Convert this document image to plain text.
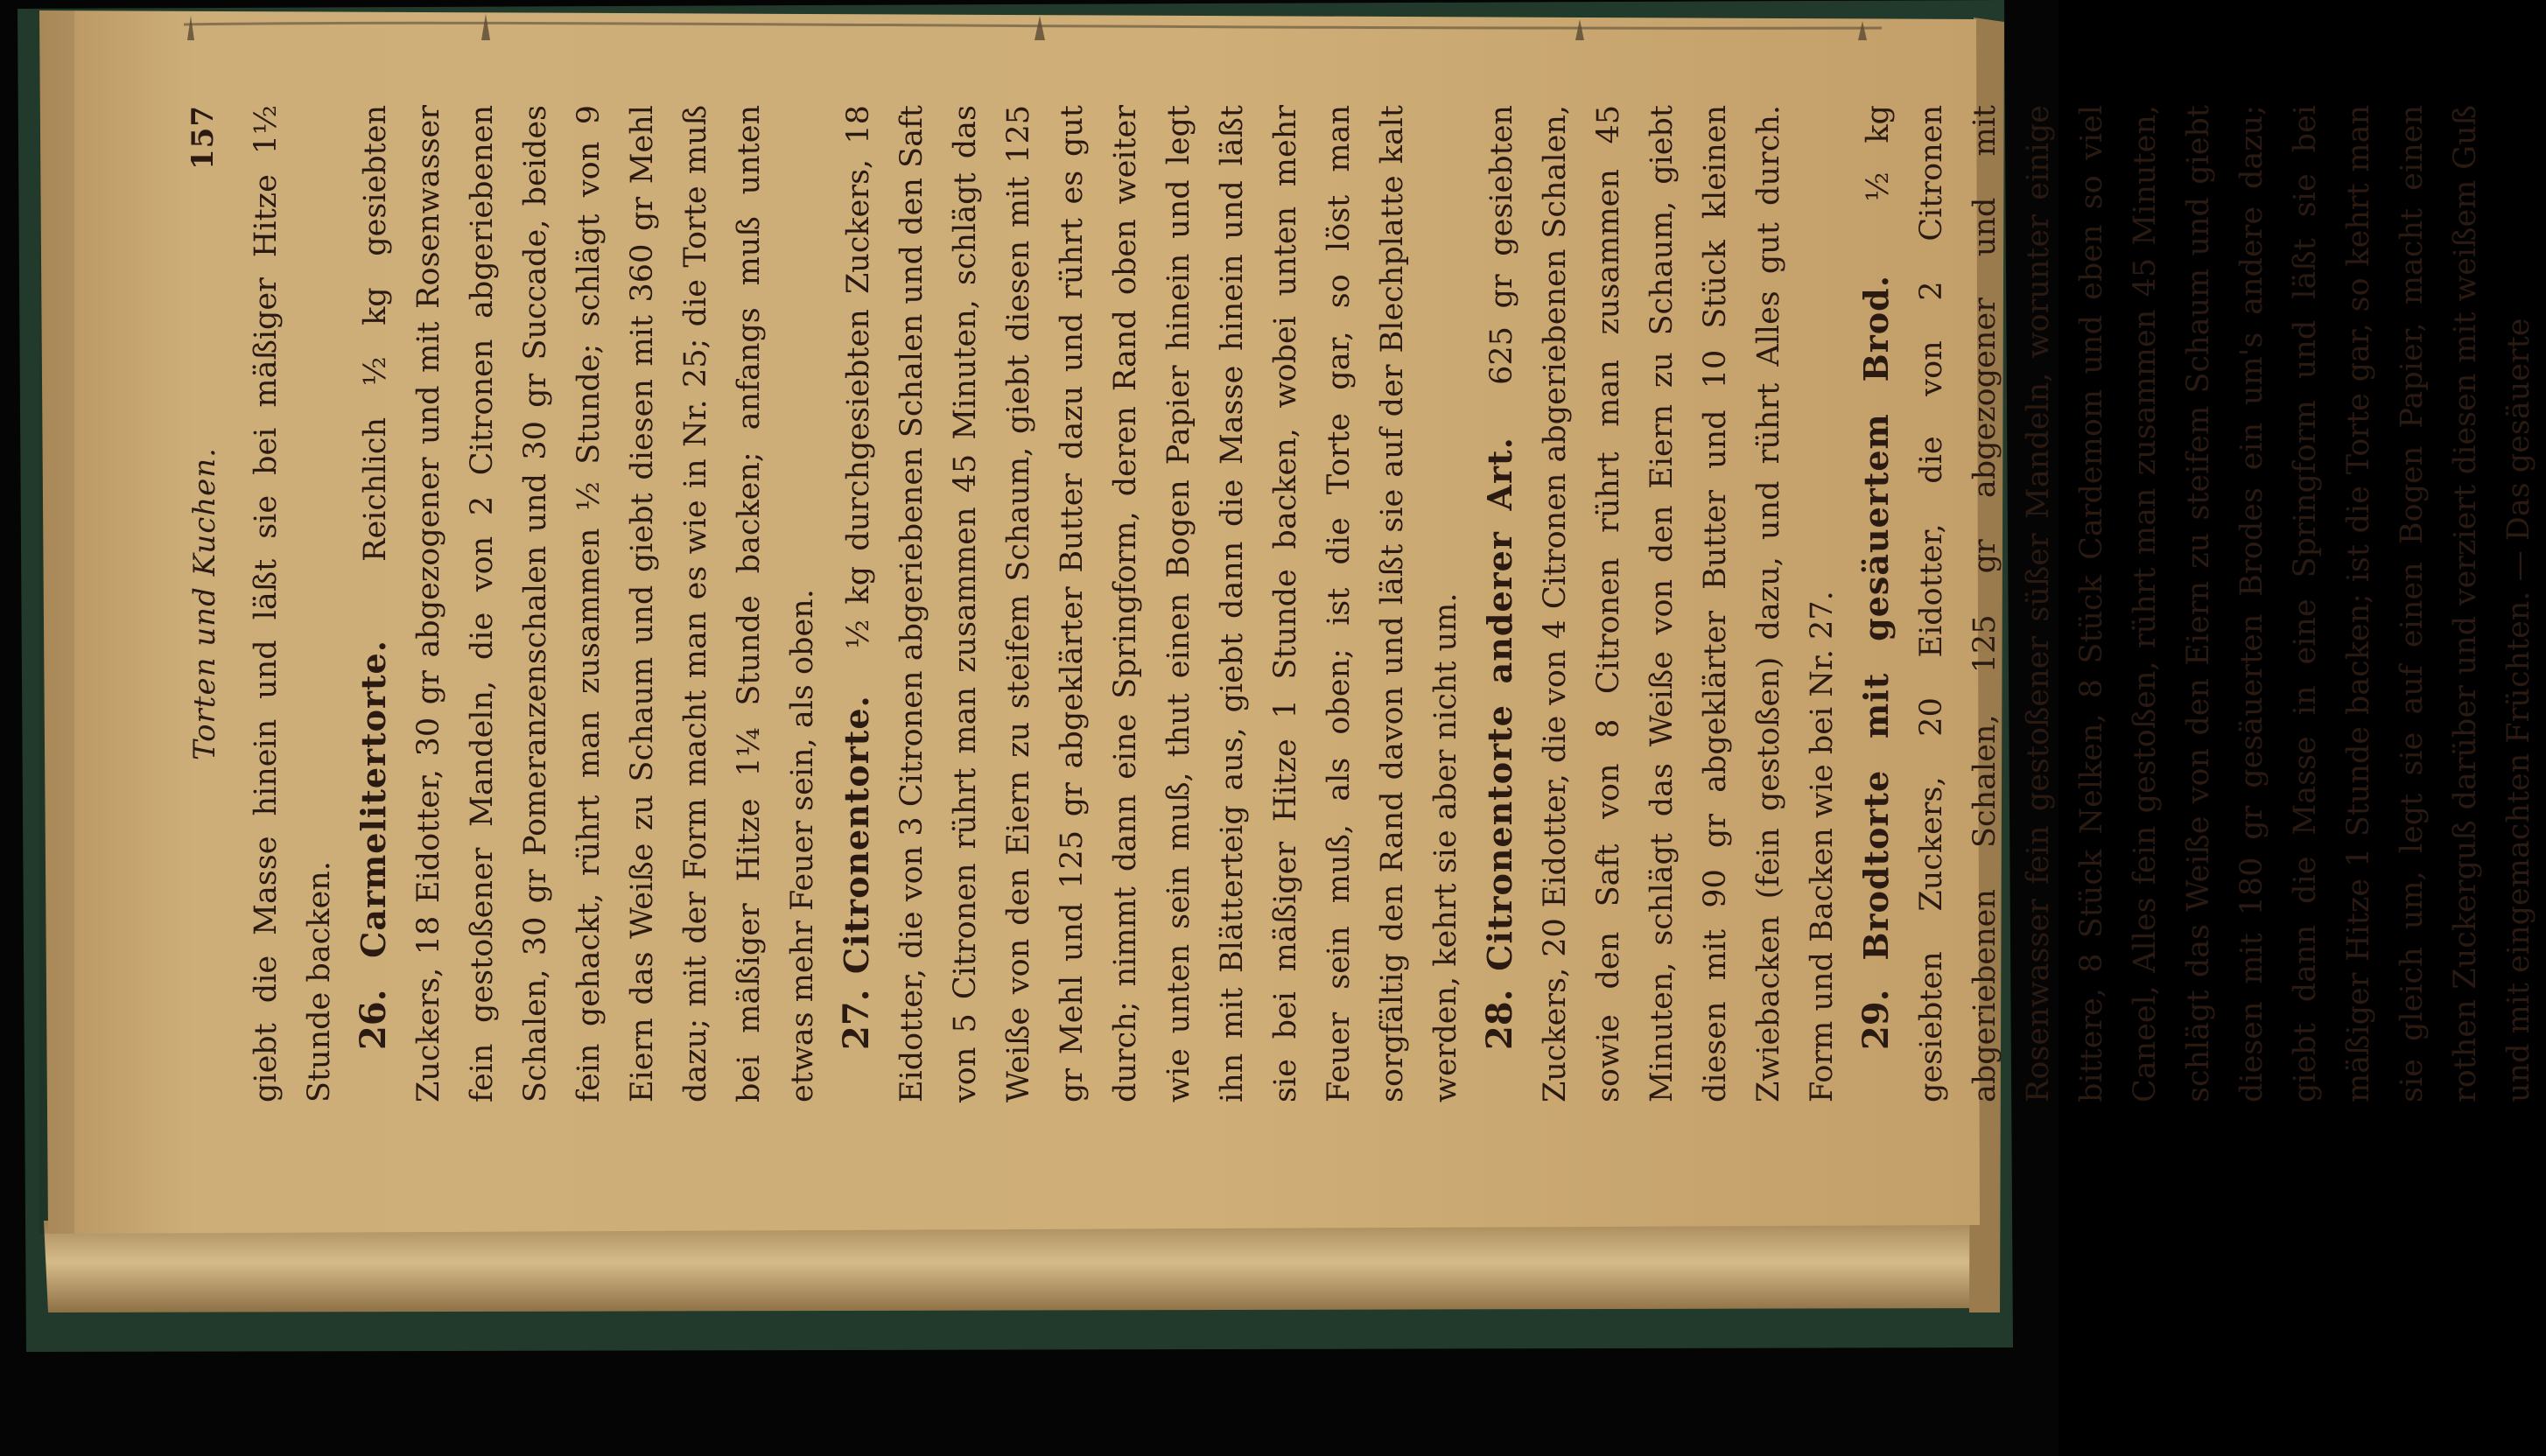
Torten und Kuchen.
157 giebt die Masse hinein und läßt sie bei mäßiger Hitze 1½ Stunde backen. 26. Carmelitertorte.  Reichlich ½ kg gesiebten Zuckers, 18 Eidotter, 30 gr abgezogener und mit Rosenwasser fein gestoßener Mandeln, die von 2 Citronen abgeriebenen Schalen, 30 gr Pomeranzenschalen und 30 gr Succade, beides fein gehackt, rührt man zusammen ½ Stunde; schlägt von 9 Eiern das Weiße zu Schaum und giebt diesen mit 360 gr Mehl dazu; mit der Form macht man es wie in Nr. 25; die Torte muß bei mäßiger Hitze 1¼ Stunde backen; anfangs muß unten etwas mehr Feuer sein, als oben. 27. Citronentorte.  ½ kg durchgesiebten Zuckers, 18 Eidotter, die von 3 Citronen abgeriebenen Schalen und den Saft von 5 Citronen rührt man zusammen 45 Minuten, schlägt das Weiße von den Eiern zu steifem Schaum, giebt diesen mit 125 gr Mehl und 125 gr abgeklärter Butter dazu und rührt es gut durch; nimmt dann eine Springform, deren Rand oben weiter wie unten sein muß, thut einen Bogen Papier hinein und legt ihn mit Blätterteig aus, giebt dann die Masse hinein und läßt sie bei mäßiger Hitze 1 Stunde backen, wobei unten mehr Feuer sein muß, als oben; ist die Torte gar, so löst man sorgfältig den Rand davon und läßt sie auf der Blechplatte kalt werden, kehrt sie aber nicht um. 28. Citronentorte anderer Art.  625 gr gesiebten Zuckers, 20 Eidotter, die von 4 Citronen abgeriebenen Schalen, sowie den Saft von 8 Citronen rührt man zusammen 45 Minuten, schlägt das Weiße von den Eiern zu Schaum, giebt diesen mit 90 gr abgeklärter Butter und 10 Stück kleinen Zwiebacken (fein gestoßen) dazu, und rührt Alles gut durch. Form und Backen wie bei Nr. 27. 29. Brodtorte mit gesäuertem Brod.  ½ kg gesiebten Zuckers, 20 Eidotter, die von 2 Citronen abgeriebenen Schalen, 125 gr abgezogener und mit Rosenwasser fein gestoßener süßer Mandeln, worunter einige bittere, 8 Stück Nelken, 8 Stück Cardemom und eben so viel Caneel, Alles fein gestoßen, rührt man zusammen 45 Minuten, schlägt das Weiße von den Eiern zu steifem Schaum und giebt diesen mit 180 gr gesäuerten Brodes ein um's andere dazu; giebt dann die Masse in eine Springform und läßt sie bei mäßiger Hitze 1 Stunde backen; ist die Torte gar, so kehrt man sie gleich um, legt sie auf einen Bogen Papier, macht einen rothen Zuckerguß darüber und verziert diesen mit weißem Guß und mit eingemachten Früchten. — Das gesäuerte
